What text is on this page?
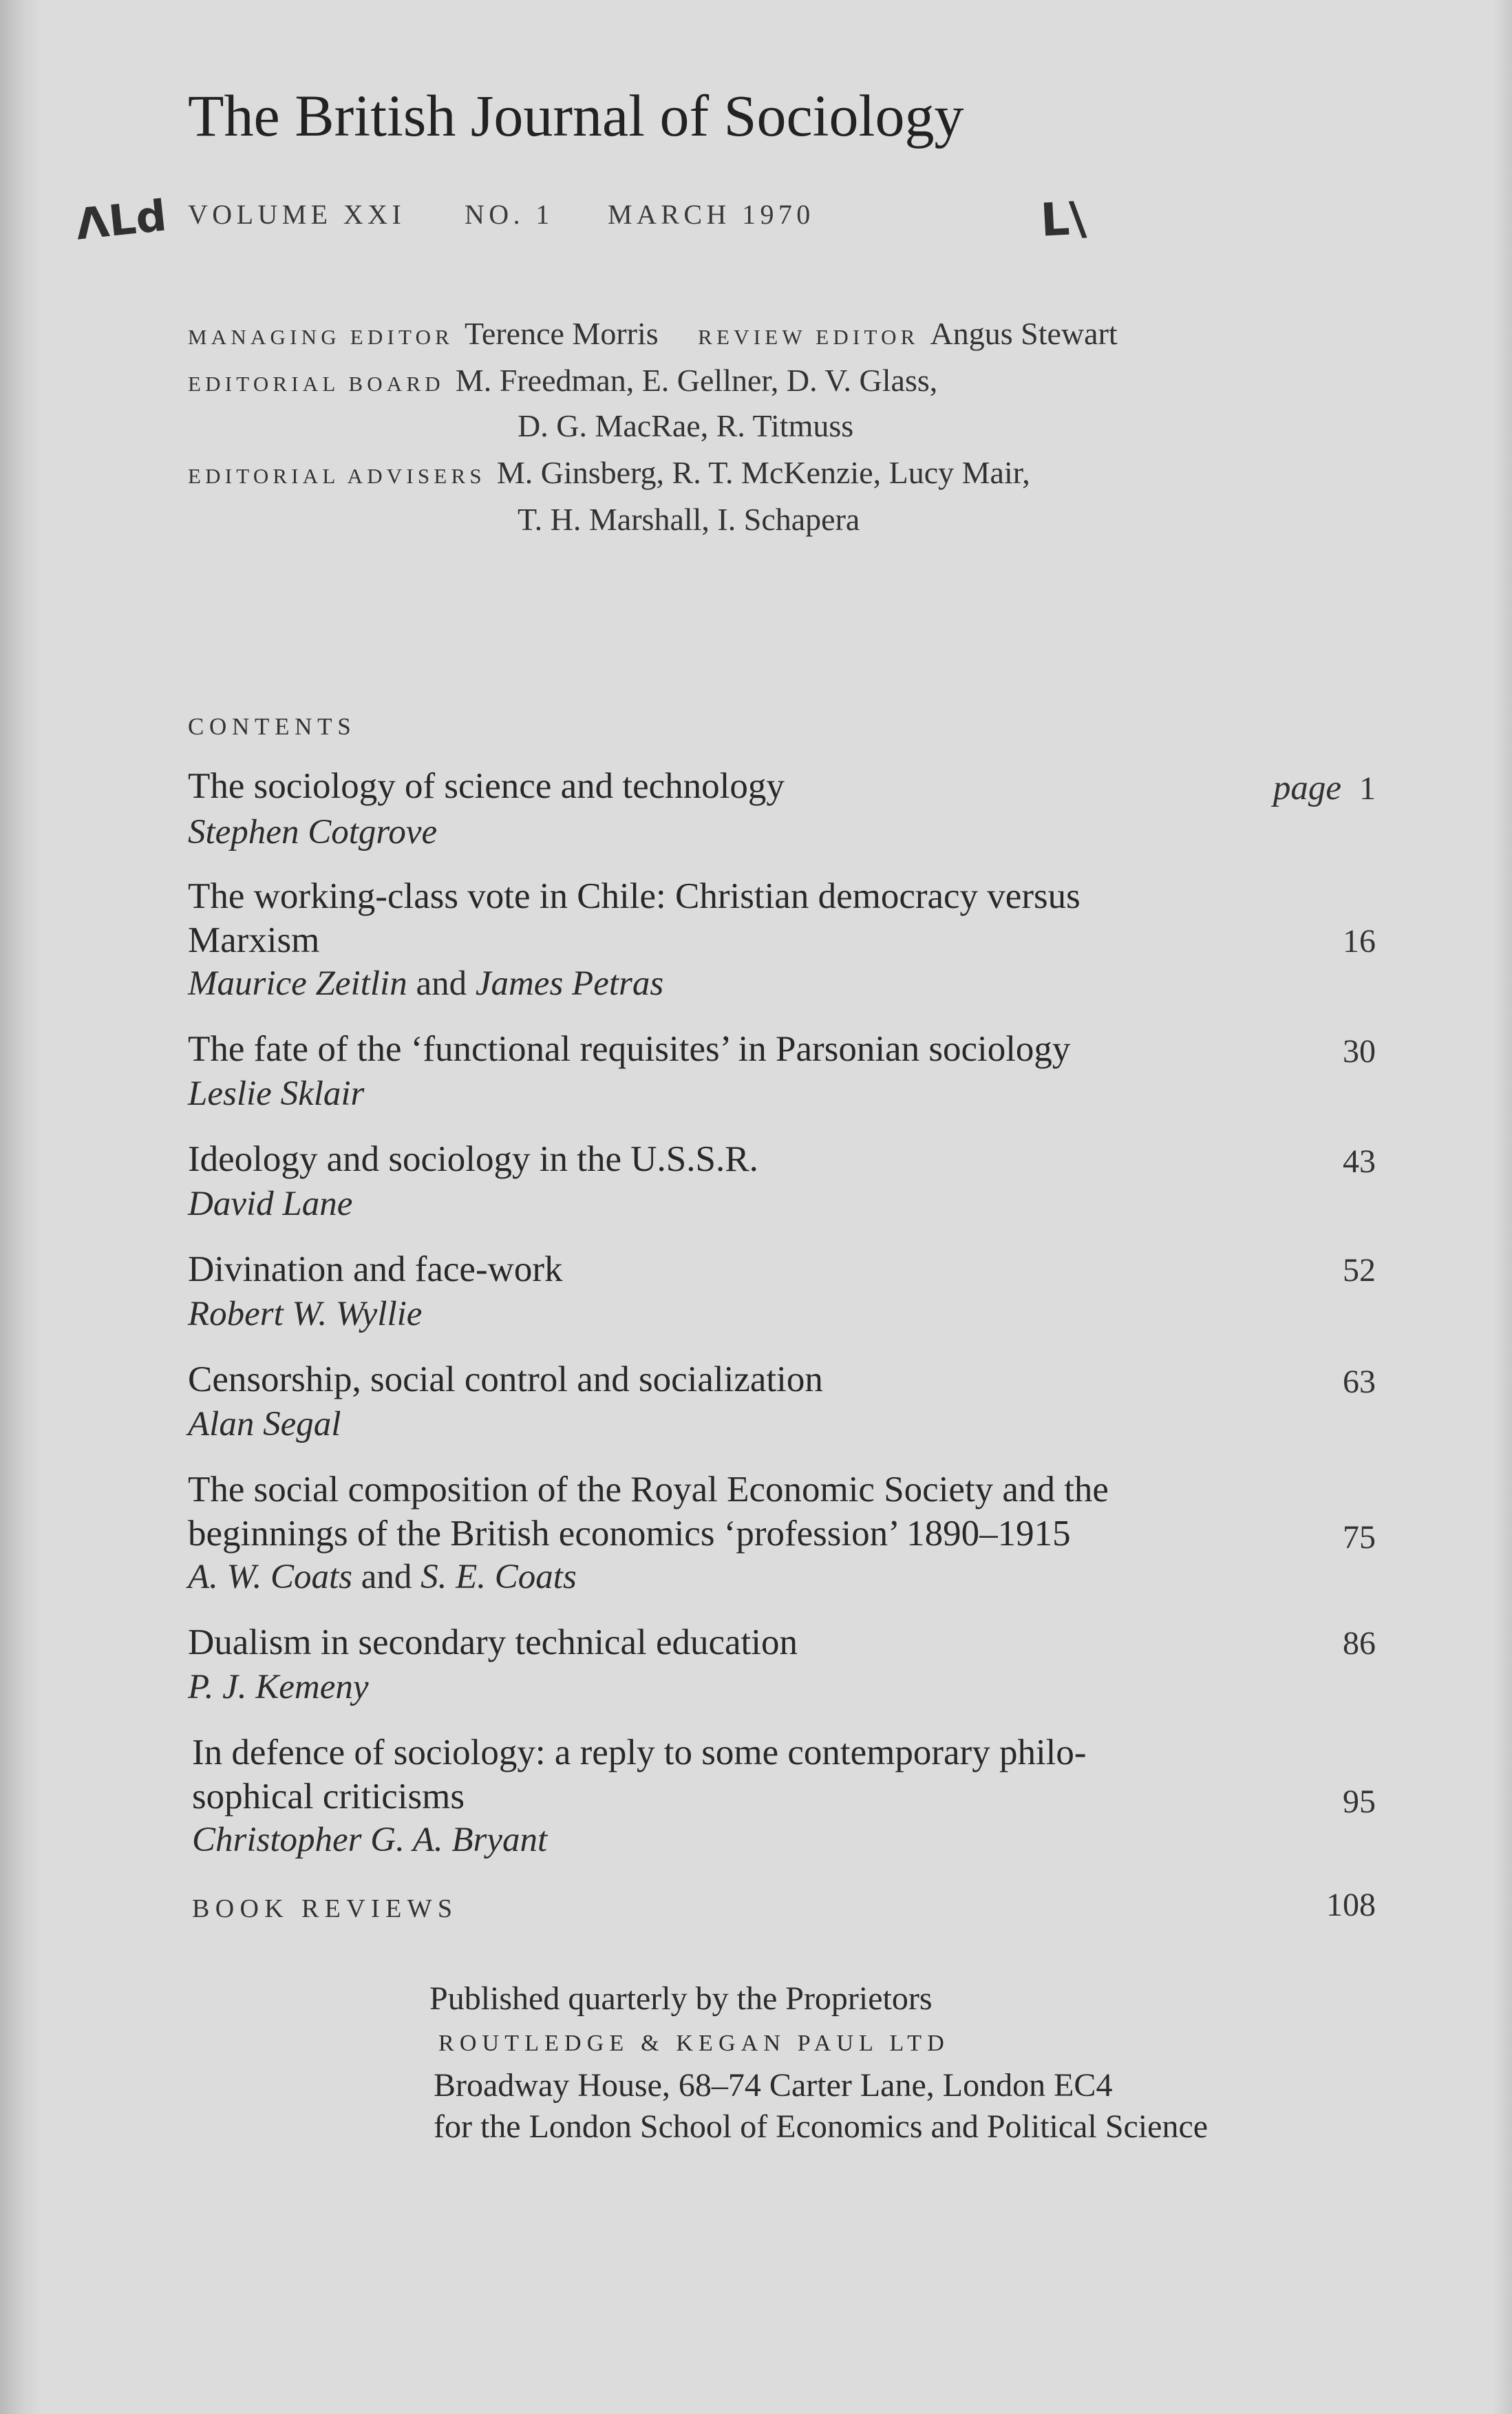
The British Journal of Sociology
ΛLd VOLUME XXI NO. 1 MARCH 1970	L\
MANAGING EDITOR Terence Morris REVIEW EDITOR Angus Stewart
EDITORIAL BOARD M. Freedman, E. Gellner, D. V. Glass,
D. G. MacRae, R. Titmuss
EDITORIAL ADVISERS M. Ginsberg, R. T. McKenzie, Lucy Mair,
T. H. Marshall, I. Schapera
CONTENTS
The sociology of science and technology	page 1
Stephen Cotgrove
The working-class vote in Chile: Christian democracy versus
Marxism	16
Maurice Zeitlin and James Petras
The fate of the ‘functional requisites’ in Parsonian sociology	30
Leslie Sklair
Ideology and sociology in the U.S.S.R.	43
David Lane
Divination and face-work	52
Robert W. Wyllie
Censorship, social control and socialization	63
Alan Segal
The social composition of the Royal Economic Society and the
beginnings of the British economics ‘profession’ 1890–1915	75
A. W. Coats and S. E. Coats
Dualism in secondary technical education	86
P. J. Kemeny
In defence of sociology: a reply to some contemporary philo-
sophical criticisms	95
Christopher G. A. Bryant
BOOK REVIEWS	108
Published quarterly by the Proprietors
ROUTLEDGE & KEGAN PAUL LTD
Broadway House, 68–74 Carter Lane, London EC4
for the London School of Economics and Political Science
